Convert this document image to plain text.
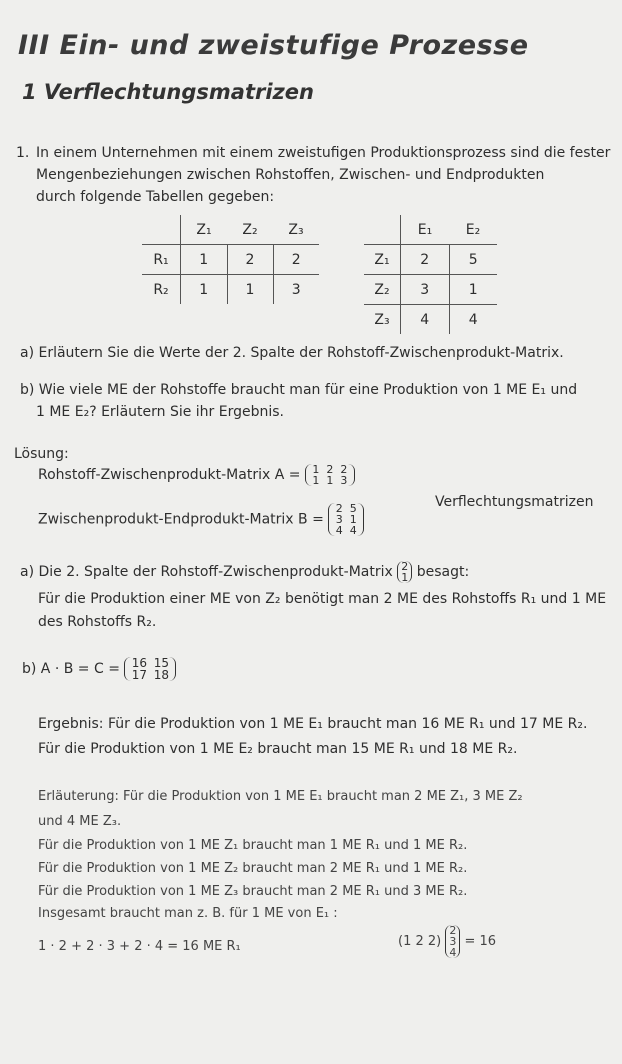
III Ein- und zweistufige Prozesse
1 Verflechtungsmatrizen
1. In einem Unternehmen mit einem zweistufigen Produktionsprozess sind die fester
Mengenbeziehungen zwischen Rohstoffen, Zwischen- und Endprodukten
durch folgende Tabellen gegeben:
	Z₁	Z₂	Z₃
R₁	1	2	2
R₂	1	1	3
	E₁	E₂
Z₁	2	5
Z₂	3	1
Z₃	4	4
a) Erläutern Sie die Werte der 2. Spalte der Rohstoff-Zwischenprodukt-Matrix.
b) Wie viele ME der Rohstoffe braucht man für eine Produktion von 1 ME E₁ und
1 ME E₂? Erläutern Sie ihr Ergebnis.
Lösung:
Rohstoff-Zwischenprodukt-Matrix A = 1 2 2
1 1 3
Verflechtungsmatrizen
Zwischenprodukt-Endprodukt-Matrix B = 2 5
3 1
4 4
a) Die 2. Spalte der Rohstoff-Zwischenprodukt-Matrix 2
1 besagt:
Für die Produktion einer ME von Z₂ benötigt man 2 ME des Rohstoffs R₁ und 1 ME
des Rohstoffs R₂.
b) A · B = C = 16 15
17 18
Ergebnis: Für die Produktion von 1 ME E₁ braucht man 16 ME R₁ und 17 ME R₂.
Für die Produktion von 1 ME E₂ braucht man 15 ME R₁ und 18 ME R₂.
Erläuterung: Für die Produktion von 1 ME E₁ braucht man 2 ME Z₁, 3 ME Z₂
und 4 ME Z₃.
Für die Produktion von 1 ME Z₁ braucht man 1 ME R₁ und 1 ME R₂.
Für die Produktion von 1 ME Z₂ braucht man 2 ME R₁ und 1 ME R₂.
Für die Produktion von 1 ME Z₃ braucht man 2 ME R₁ und 3 ME R₂.
Insgesamt braucht man z. B. für 1 ME von E₁ :
1 · 2 + 2 · 3 + 2 · 4 = 16 ME R₁	(1 2 2) 2
3
4 = 16
